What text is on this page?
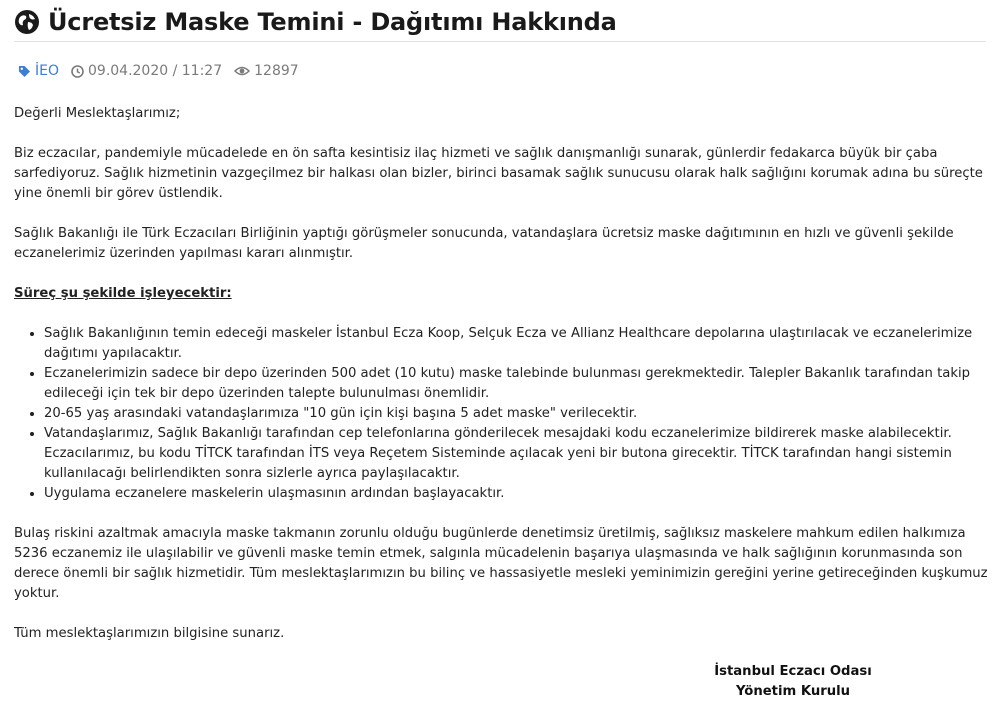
Ücretsiz Maske Temini - Dağıtımı Hakkında
İEO 09.04.2020 / 11:27 12897

Değerli Meslektaşlarımız;

Biz eczacılar, pandemiyle mücadelede en ön safta kesintisiz ilaç hizmeti ve sağlık danışmanlığı sunarak, günlerdir fedakarca büyük bir çaba sarfediyoruz. Sağlık hizmetinin vazgeçilmez bir halkası olan bizler, birinci basamak sağlık sunucusu olarak halk sağlığını korumak adına bu süreçte yine önemli bir görev üstlendik.

Sağlık Bakanlığı ile Türk Eczacıları Birliğinin yaptığı görüşmeler sonucunda, vatandaşlara ücretsiz maske dağıtımının en hızlı ve güvenli şekilde eczanelerimiz üzerinden yapılması kararı alınmıştır.

Süreç şu şekilde işleyecektir:

• Sağlık Bakanlığının temin edeceği maskeler İstanbul Ecza Koop, Selçuk Ecza ve Allianz Healthcare depolarına ulaştırılacak ve eczanelerimize dağıtımı yapılacaktır.
• Eczanelerimizin sadece bir depo üzerinden 500 adet (10 kutu) maske talebinde bulunması gerekmektedir. Talepler Bakanlık tarafından takip edileceği için tek bir depo üzerinden talepte bulunulması önemlidir.
• 20-65 yaş arasındaki vatandaşlarımıza "10 gün için kişi başına 5 adet maske" verilecektir.
• Vatandaşlarımız, Sağlık Bakanlığı tarafından cep telefonlarına gönderilecek mesajdaki kodu eczanelerimize bildirerek maske alabilecektir. Eczacılarımız, bu kodu TİTCK tarafından İTS veya Reçetem Sisteminde açılacak yeni bir butona girecektir. TİTCK tarafından hangi sistemin kullanılacağı belirlendikten sonra sizlerle ayrıca paylaşılacaktır.
• Uygulama eczanelere maskelerin ulaşmasının ardından başlayacaktır.

Bulaş riskini azaltmak amacıyla maske takmanın zorunlu olduğu bugünlerde denetimsiz üretilmiş, sağlıksız maskelere mahkum edilen halkımıza 5236 eczanemiz ile ulaşılabilir ve güvenli maske temin etmek, salgınla mücadelenin başarıya ulaşmasında ve halk sağlığının korunmasında son derece önemli bir sağlık hizmetidir. Tüm meslektaşlarımızın bu bilinç ve hassasiyetle mesleki yeminimizin gereğini yerine getireceğinden kuşkumuz yoktur.

Tüm meslektaşlarımızın bilgisine sunarız.

İstanbul Eczacı Odası
Yönetim Kurulu
